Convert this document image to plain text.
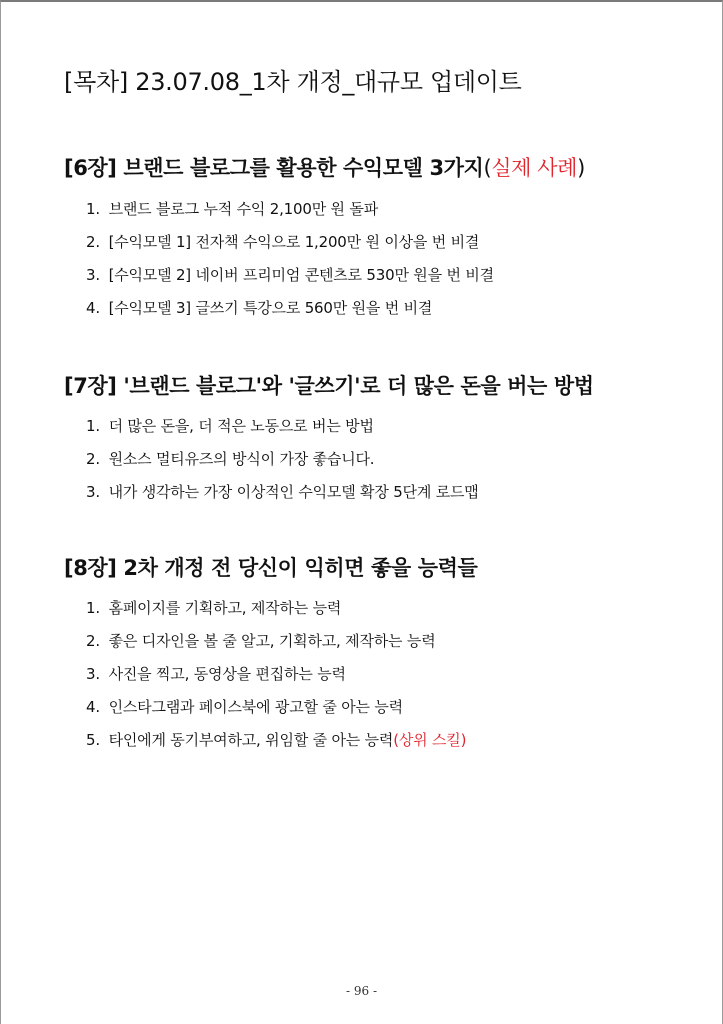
[목차] 23.07.08_1차 개정_대규모 업데이트
[6장] 브랜드 블로그를 활용한 수익모델 3가지(실제 사례)
1. 브랜드 블로그 누적 수익 2,100만 원 돌파
2. [수익모델 1] 전자책 수익으로 1,200만 원 이상을 번 비결
3. [수익모델 2] 네이버 프리미엄 콘텐츠로 530만 원을 번 비결
4. [수익모델 3] 글쓰기 특강으로 560만 원을 번 비결
[7장] '브랜드 블로그'와 '글쓰기'로 더 많은 돈을 버는 방법
1. 더 많은 돈을, 더 적은 노동으로 버는 방법
2. 원소스 멀티유즈의 방식이 가장 좋습니다.
3. 내가 생각하는 가장 이상적인 수익모델 확장 5단계 로드맵
[8장] 2차 개정 전 당신이 익히면 좋을 능력들
1. 홈페이지를 기획하고, 제작하는 능력
2. 좋은 디자인을 볼 줄 알고, 기획하고, 제작하는 능력
3. 사진을 찍고, 동영상을 편집하는 능력
4. 인스타그램과 페이스북에 광고할 줄 아는 능력
5. 타인에게 동기부여하고, 위임할 줄 아는 능력(상위 스킬)
- 96 -
